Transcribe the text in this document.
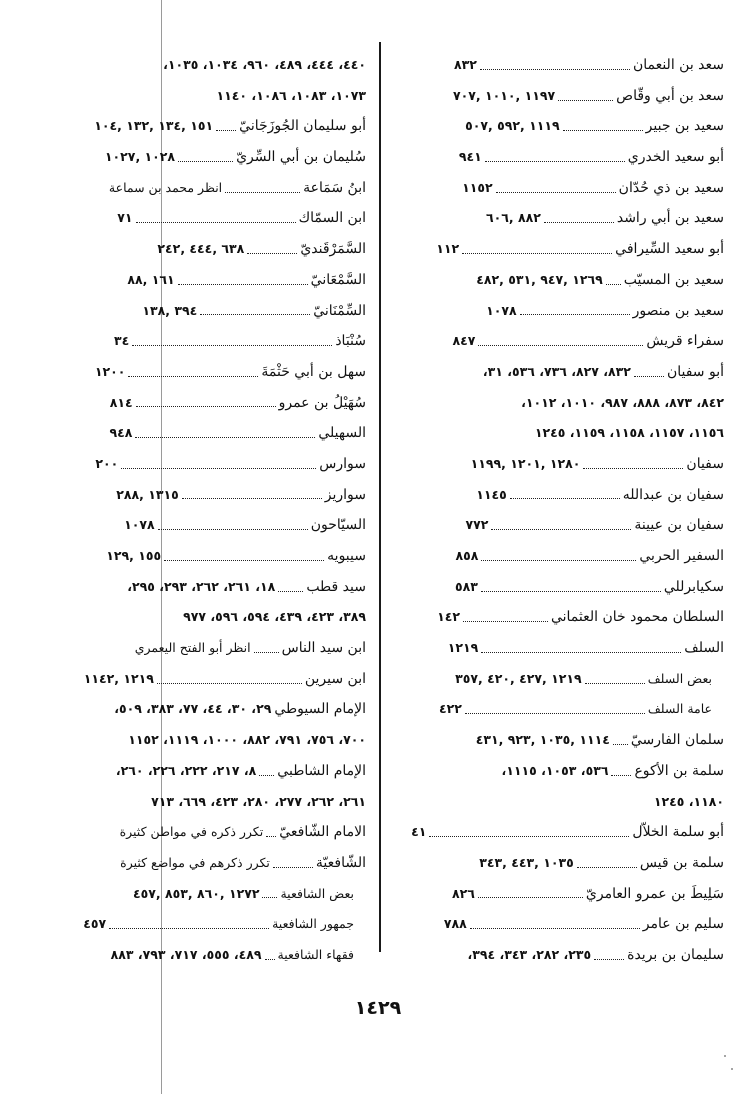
سعد بن النعمان
٨٣٢
سعد بن أبي وقّاص
١١٩٧ ,١٠١٠ ,٧٠٧
سعيد بن جبير
١١١٩ ,٥٩٢ ,٥٠٧
أبو سعيد الخدري
٩٤١
سعيد بن ذي حُدّان
١١٥٢
سعيد بن أبي راشد
٨٨٢ ,٦٠٦
أبو سعيد السِّيرافي
١١٢
سعيد بن المسيّب
١٢٦٩ ,٩٤٧ ,٥٣١ ,٤٨٢
سعيد بن منصور
١٠٧٨
سفراء قريش
٨٤٧
أبو سفيان
٨٣٢، ٨٢٧، ٧٣٦، ٥٣٦، ٣١،
٨٤٢، ٨٧٣، ٨٨٨، ٩٨٧، ١٠١٠، ١٠١٢،
١١٥٦، ١١٥٧، ١١٥٨، ١١٥٩، ١٢٤٥
سفيان
١٢٨٠ ,١٢٠١ ,١١٩٩
سفيان بن عبدالله
١١٤٥
سفيان بن عيينة
٧٧٢
السفير الحربي
٨٥٨
سكيابرللي
٥٨٣
السلطان محمود خان العثماني
١٤٢
السلف
١٢١٩
بعض السلف
١٢١٩ ,٤٢٧ ,٤٢٠ ,٣٥٧
عامة السلف
٤٢٢
سلمان الفارسيّ
١١١٤ ,١٠٣٥ ,٩٢٣ ,٤٣١
سلمة بن الأكوع
٥٣٦، ١٠٥٣، ١١١٥،
١١٨٠، ١٢٤٥
أبو سلمة الخلاّل
٤١
سلمة بن قيس
١٠٣٥ ,٤٤٣ ,٣٤٣
سَلِيطَ بن عمرو العامريّ
٨٢٦
سليم بن عامر
٧٨٨
سليمان بن بريدة
٢٣٥، ٢٨٢، ٣٤٣، ٣٩٤،
٤٤٠، ٤٤٤، ٤٨٩، ٩٦٠، ١٠٣٤، ١٠٣٥،
١٠٧٣، ١٠٨٣، ١٠٨٦، ١١٤٠
أبو سليمان الجُوزَجَانيّ
١٥١ ,١٣٤ ,١٣٢ ,١٠٤
سُليمان بن أبي السِّريّ
١٠٢٨ ,١٠٢٧
ابنُ سَمَاعة
انظر محمد بن سماعة
ابن السمّاك
٧١
السَّمَرْقَنديّ
٦٣٨ ,٤٤٤ ,٢٤٢
السَّمْعَانيّ
١٦١ ,٨٨
السِّمْنَانيّ
٣٩٤ ,١٣٨
سُنْبَاذ
٣٤
سهل بن أبي حَثْمَةَ
١٢٠٠
سُهَيْلُ بن عمرو
٨١٤
السهيلي
٩٤٨
سوارس
٢٠٠
سواريز
١٣١٥ ,٢٨٨
السيّاحون
١٠٧٨
سيبويه
١٥٥ ,١٢٩
سيد قطب
١٨، ٢٦١، ٢٦٢، ٢٩٣، ٢٩٥،
٣٨٩، ٤٢٣، ٤٣٩، ٥٩٤، ٥٩٦، ٩٧٧
ابن سيد الناس
انظر أبو الفتح اليعمري
ابن سيرين
١٢١٩ ,١١٤٢
الإمام السيوطي
٢٩، ٣٠، ٤٤، ٧٧، ٣٨٣، ٥٠٩،
٧٠٠، ٧٥٦، ٧٩١، ٨٨٢، ١٠٠٠، ١١١٩، ١١٥٢
الإمام الشاطبي
٨، ٢١٧، ٢٢٢، ٢٢٦، ٢٦٠،
٢٦١، ٢٦٢، ٢٧٧، ٢٨٠، ٤٢٣، ٦٦٩، ٧١٣
الامام الشّافعيّ
تكرر ذكره في مواطن كثيرة
الشّافعيّة
تكرر ذكرهم في مواضع كثيرة
بعض الشافعية
١٢٧٢ ,٨٦٠ ,٨٥٣ ,٤٥٧
جمهور الشافعية
٤٥٧
فقهاء الشافعية
٤٨٩، ٥٥٥، ٧١٧، ٧٩٣، ٨٨٣
١٤٢٩
